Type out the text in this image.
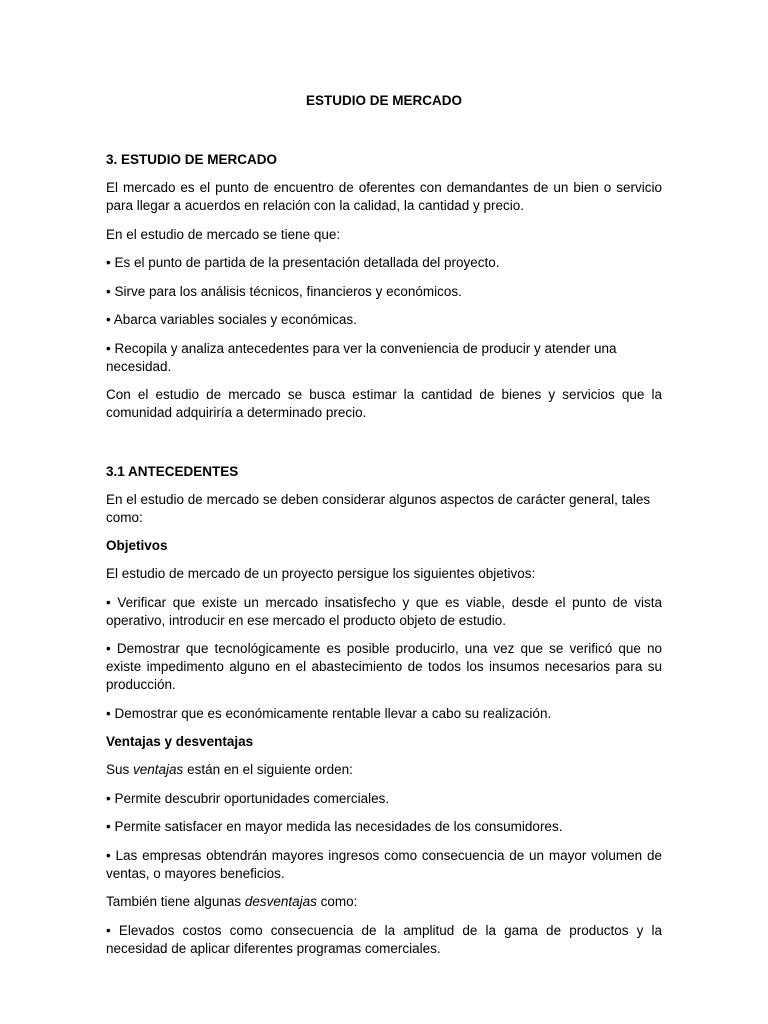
ESTUDIO DE MERCADO
3. ESTUDIO DE MERCADO

El mercado es el punto de encuentro de oferentes con demandantes de un bien o servicio para llegar a acuerdos en relación con la calidad, la cantidad y precio.

En el estudio de mercado se tiene que:

• Es el punto de partida de la presentación detallada del proyecto.

• Sirve para los análisis técnicos, financieros y económicos.

• Abarca variables sociales y económicas.

• Recopila y analiza antecedentes para ver la conveniencia de producir y atender una necesidad.

Con el estudio de mercado se busca estimar la cantidad de bienes y servicios que la comunidad adquiriría a determinado precio.

3.1 ANTECEDENTES

En el estudio de mercado se deben considerar algunos aspectos de carácter general, tales como:

Objetivos

El estudio de mercado de un proyecto persigue los siguientes objetivos:

• Verificar que existe un mercado insatisfecho y que es viable, desde el punto de vista operativo, introducir en ese mercado el producto objeto de estudio.

• Demostrar que tecnológicamente es posible producirlo, una vez que se verificó que no existe impedimento alguno en el abastecimiento de todos los insumos necesarios para su producción.

• Demostrar que es económicamente rentable llevar a cabo su realización.

Ventajas y desventajas

Sus ventajas están en el siguiente orden:

• Permite descubrir oportunidades comerciales.

• Permite satisfacer en mayor medida las necesidades de los consumidores.

• Las empresas obtendrán mayores ingresos como consecuencia de un mayor volumen de ventas, o mayores beneficios.

También tiene algunas desventajas como:

• Elevados costos como consecuencia de la amplitud de la gama de productos y la necesidad de aplicar diferentes programas comerciales.
